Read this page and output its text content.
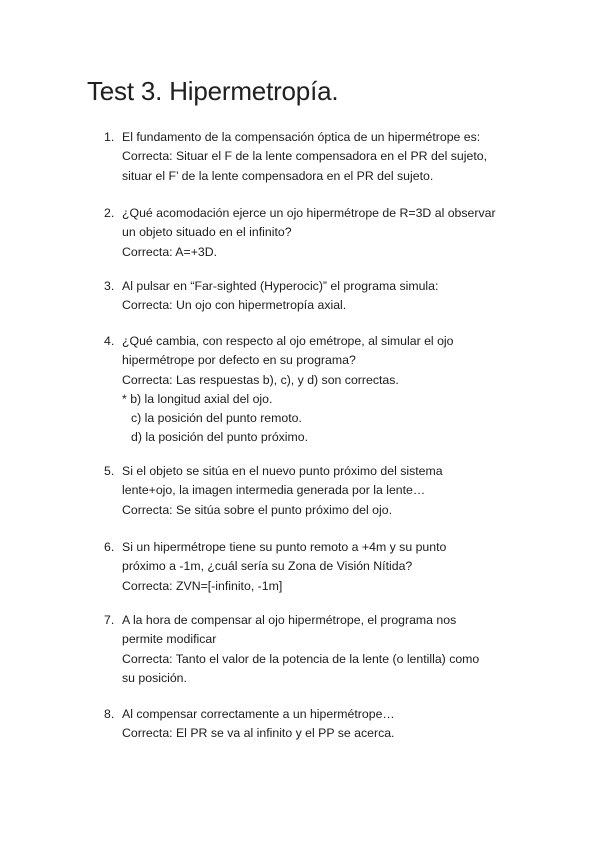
Test 3. Hipermetropía.
1. El fundamento de la compensación óptica de un hipermétrope es:
Correcta: Situar el F de la lente compensadora en el PR del sujeto,
situar el F’ de la lente compensadora en el PR del sujeto.
2. ¿Qué acomodación ejerce un ojo hipermétrope de R=3D al observar
un objeto situado en el infinito?
Correcta: A=+3D.
3. Al pulsar en “Far-sighted (Hyperocic)” el programa simula:
Correcta: Un ojo con hipermetropía axial.
4. ¿Qué cambia, con respecto al ojo emétrope, al simular el ojo
hipermétrope por defecto en su programa?
Correcta: Las respuestas b), c), y d) son correctas.
* b) la longitud axial del ojo.
c) la posición del punto remoto.
d) la posición del punto próximo.
5. Si el objeto se sitúa en el nuevo punto próximo del sistema
lente+ojo, la imagen intermedia generada por la lente…
Correcta: Se sitúa sobre el punto próximo del ojo.
6. Si un hipermétrope tiene su punto remoto a +4m y su punto
próximo a -1m, ¿cuál sería su Zona de Visión Nítida?
Correcta: ZVN=[-infinito, -1m]
7. A la hora de compensar al ojo hipermétrope, el programa nos
permite modificar
Correcta: Tanto el valor de la potencia de la lente (o lentilla) como
su posición.
8. Al compensar correctamente a un hipermétrope…
Correcta: El PR se va al infinito y el PP se acerca.
